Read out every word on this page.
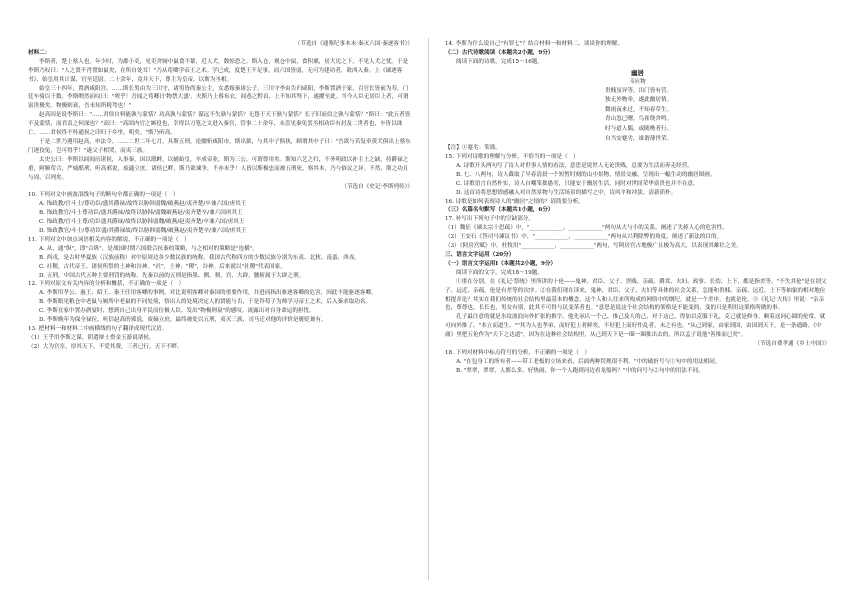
（节选自《通鉴纪事本末·秦灭六国·秦逐客书》）

材料二：

李斯者，楚上蔡人也。年少时，为郡小吏，见吏舍厕中鼠食不絜，近人犬，数惊恐之。斯入仓，观仓中鼠，食积粟，居大庑之下，不见人犬之忧。于是李斯乃叹曰："人之贤不肖譬如鼠矣，在所自处耳！"乃从荀卿学帝王之术。学已成，度楚王不足事，而六国皆弱，无可为建功者，欲西入秦。上《谏逐客书》，始皇用其计谋，官至廷尉。二十余年，竟并天下，尊主为皇帝，以斯为丞相。

始皇三十四年，置酒咸阳宫。……斯长男由为三川守，诸男皆尚秦公主，女悉嫁秦诸公子。三川守李由告归咸阳，李斯置酒于家，百官长皆前为寿，门廷车骑以千数。李斯喟然而叹曰："嗟乎！吾闻之荀卿曰'物禁大盛'。夫斯乃上蔡布衣，闾巷之黔首，上不知其驽下，遂擢至此。当今人臣无居臣上者，可谓富贵极矣。物极则衰，吾未知所税驾也！"

赵高因是说李斯曰："……君侯自料能孰与蒙恬？功高孰与蒙恬？谋远不失孰与蒙恬？无怨于天下孰与蒙恬？长子旧而信之孰与蒙恬？"斯曰："此五者皆不及蒙恬，而君责之何深也？"高曰："高固内官之厮役也，幸得以刀笔之文进入秦宫，管事二十余年，未尝见秦免罢丞相功臣有封及二世者也，卒皆以诛亡。……君侯终不怀通侯之印归于乡里，明矣。"斯乃听高。

于是二世乃遵用赵高，申法令。……二世二年七月，具斯五刑，论腰斩咸阳市。斯出狱，与其中子俱执，顾谓其中子曰："吾欲与若复牵黄犬俱出上蔡东门逐狡兔，岂可得乎！"遂父子相哭，而夷三族。

太史公曰：李斯以闾阎历诸侯，入事秦，因以瑕衅，以辅始皇，卒成帝业，斯为三公，可谓尊用矣。斯知六艺之归，不务明政以补主上之缺，持爵禄之重，阿顺苟合，严威酷刑，听高邪说，废適立庶。诸侯已畔，斯乃欲谏争，不亦末乎！人皆以斯极忠而被五刑死，察其本，乃与俗议之异。不然，斯之功且与周、召列矣。

（节选自《史记·李斯列传》）

10. 下列对文中画波浪线句子的断句全都正确的一项是（　）

A. 饰政教/官斗士/尊功臣/盛其爵禄/故终以胁韩弱魏/破燕赵/夷齐楚/卒兼六国/虏其王

B. 饰政教官/斗士尊功臣/盛其爵禄/故终以胁韩/弱魏破燕赵/夷齐楚卒/兼六国虏其王

C. 饰政教/官斗士尊/功臣盛其爵禄/故终以胁韩弱魏/破燕/赵夷齐楚/卒兼六国/虏其王

D. 饰政教官/斗士/尊功臣盛/其爵禄故/终以胁韩弱魏/破燕赵/夷齐楚卒/兼六国/虏其王

11. 下列对文中加点词语相关内容的解说，不正确的一项是（　）

A. 从，通"纵"，即"合纵"，是战国时期六国联合抗秦的策略，与之相对的策略是"连横"。

B. 西戎，是古时华夏族（汉族前称）对中原周边各少数民族的统称，我国古代称四方的少数民族分别为东夷、北狄、南蛮、西戎。

C. 社稷，古代帝王、诸侯所祭的土神和谷神。"社"，土神；"稷"，谷神。后来就以"社稷"代表国家。

D. 五刑，中国古代五种主要刑罚的统称。先秦以前的五刑是指墨、劓、剕、宫、大辟，腰斩属于大辟之刑。

12. 下列对原文有关内容的分析和概括，不正确的一项是（　）

A. 李斯用孝公、惠王、昭王、秦王任用客卿的事例，对比说明客卿对秦国的重要作用，并进而指出驱逐客卿的危害，因此不能驱逐客卿。

B. 李斯眼见粮仓中老鼠与厕所中老鼠的不同处境，悟出人的处境决定人的贤能与否，于是拜荀子为师学习帝王之术，后入秦求取功名。

C. 李斯在家中置办酒宴时，想到自己出身平民而位极人臣，发出"物极则衰"的感叹，流露出对自身命运的担忧。

D. 李斯晚年为保全禄位，听信赵高的邪说，废嫡立庶，最终被处以五刑，夷灭三族，司马迁对他的评价是褒贬兼有。

13. 把材料一和材料二中画横线的句子翻译成现代汉语。

（1）王乎用李斯之谋，阴遣辩士赍金玉游说诸侯。

（2）大为宫室，厚其天下，不爱其费，三者已行，天下不畔。

14. 李斯为什么说自己"有罪七"？结合材料一和材料二，谈谈你的理解。

（二）古代诗歌阅读（本题共2小题，9分）

阅读下面的诗歌，完成15～16题。

幽居

韦应物

贵贱虽异等，出门皆有营。

独无外物牵，遂此幽居情。

微雨夜来过，不知春草生。

青山忽已曙，鸟雀绕舍鸣。

时与道人偶，或随樵者行。

自当安蹇劣，谁谓薄世荣。

【注】①蹇劣：笨拙。

15. 下列对诗歌的理解与分析，不恰当的一项是（　）

A. 诗歌开头两句写了诗人对世事人情的看法，意思是说世人无论贵贱，总要为生活而奔走经营。

B. 七、八两句，诗人截取了早春清晨一个短暂时刻的山中景物，情景交融，呈现出一幅生动的幽居图画。

C. 诗歌语言自然朴实，诗人自嘲笨拙愚劣，只能安于幽居生活，同时对世间荣华富贵也并不在意。

D. 这首诗将思想情感融入对自然景物与生活场景的描写之中，诗风平和冲淡、清新质朴。

16. 诗歌是如何表现诗人的"幽居"之情的？请简要分析。

（三）名篇名句默写（本题共1小题，6分）

17. 补写出下列句子中的空缺部分。

（1）魏征《谏太宗十思疏》中，"____________，____________"两句从大与小的关系，阐述了失掉人心的危害性。

（2）王安石《答司马谏议书》中，"____________，____________"两句从兴利除弊的角度，阐述了新法的目的。

（3）《阿房宫赋》中，杜牧用"____________，____________"两句，写阿房宫占地极广且极为高大，以表现其雄壮之美。

三、语言文字运用（20分）

（一）语言文字运用Ⅰ（本题共2小题，9分）

阅读下面的文字，完成18～19题。

①重在分别，在《礼记·祭统》里所讲的十伦——鬼神、君臣、父子、贵贱、亲疏、爵赏、夫妇、政事、长幼、上下，都是指差等。"不失其伦"是在别父子、远近、亲疏。伦是有差等的次序。②在我们现在读来，鬼神、君臣、父子、夫妇等具体的社会关系，怎能和贵贱、亲疏、远近、上下等抽象的相对地位相提并论？其实在我们传统的社会结构里最基本的概念，这个人和人往来所构成的网络中的纲纪，就是一个差序，也就是伦。③《礼记·大传》里说："亲亲也，尊尊也，长长也，男女有别，此其不可得与民变革者也。"意思是说这个社会结构的架格是不能变的，变的只是利用这架格所做的事。

孔子最注意的就是水纹波浪向外扩张的推字。他先承认一个己，推己及人的己，对于这己，得加以克服于礼，克己就是修身。顺着这同心圆的伦常，就可向外推了。"本立而道生。""其为人也孝弟，而好犯上者鲜矣，不好犯上而好作乱者，未之有也。"从己到家，由家到国，由国到天下，是一条通路。《中庸》里把五伦作为"天下之达道"，因为在这种社会结构里，从己到天下是一圈一圈推出去的，所以孟子说他"善推而已矣"。

（节选自费孝通《乡土中国》）

18. 下列对材料中标点符号的分析，不正确的一项是（　）

A. "在包身工的所有者——带工老板的立场来看，后面两种罚规很不利。"中的破折号与①句中的用法相同。

B. "翠翠，翠翠，人都么多，好热闹，你一个人跑到河边看龙船吗？"中的问号与②句中的用法不同。
